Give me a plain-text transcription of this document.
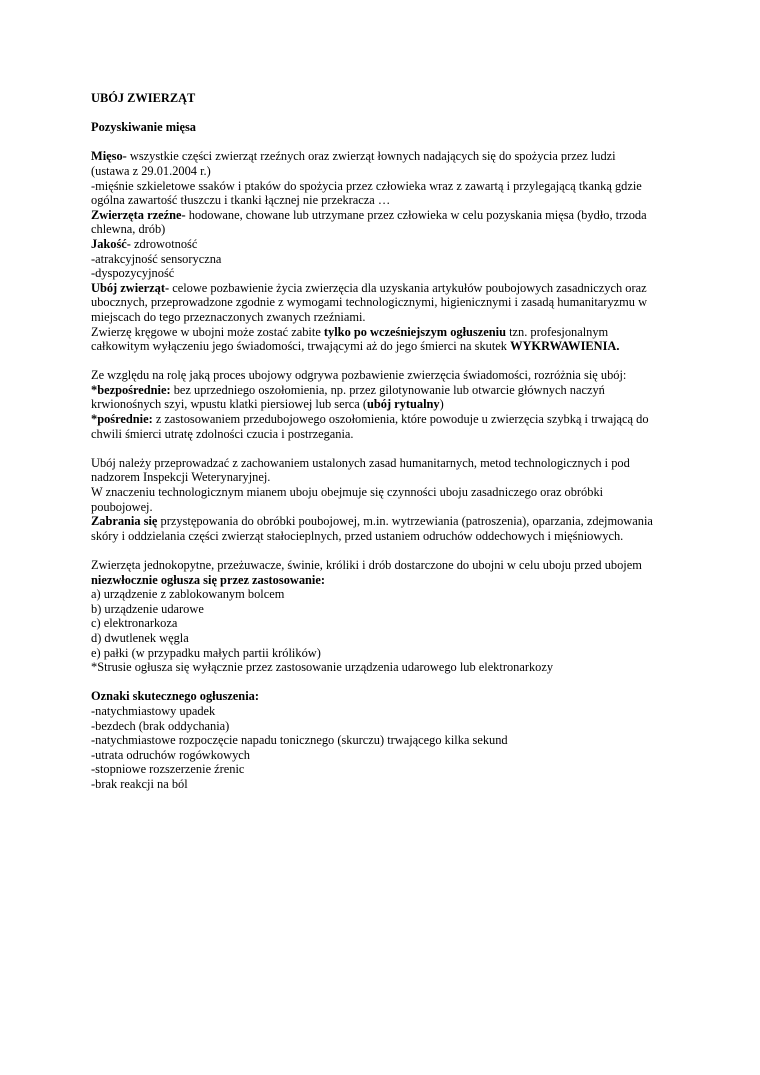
UBÓJ ZWIERZĄT
Pozyskiwanie mięsa
Mięso- wszystkie części zwierząt rzeźnych oraz zwierząt łownych nadających się do spożycia przez ludzi
(ustawa z 29.01.2004 r.)
-mięśnie szkieletowe ssaków i ptaków do spożycia przez człowieka wraz z zawartą i przylegającą tkanką gdzie
ogólna zawartość tłuszczu i tkanki łącznej nie przekracza …
Zwierzęta rzeźne- hodowane, chowane lub utrzymane przez człowieka w celu pozyskania mięsa (bydło, trzoda
chlewna, drób)
Jakość- zdrowotność
-atrakcyjność sensoryczna
-dyspozycyjność
Ubój zwierząt- celowe pozbawienie życia zwierzęcia dla uzyskania artykułów poubojowych zasadniczych oraz
ubocznych, przeprowadzone zgodnie z wymogami technologicznymi, higienicznymi i zasadą humanitaryzmu w
miejscach do tego przeznaczonych zwanych rzeźniami.
Zwierzę kręgowe w ubojni może zostać zabite tylko po wcześniejszym ogłuszeniu tzn. profesjonalnym
całkowitym wyłączeniu jego świadomości, trwającymi aż do jego śmierci na skutek WYKRWAWIENIA.
Ze względu na rolę jaką proces ubojowy odgrywa pozbawienie zwierzęcia świadomości, rozróżnia się ubój:
*bezpośrednie: bez uprzedniego oszołomienia, np. przez gilotynowanie lub otwarcie głównych naczyń
krwionośnych szyi, wpustu klatki piersiowej lub serca (ubój rytualny)
*pośrednie: z zastosowaniem przedubojowego oszołomienia, które powoduje u zwierzęcia szybką i trwającą do
chwili śmierci utratę zdolności czucia i postrzegania.
Ubój należy przeprowadzać z zachowaniem ustalonych zasad humanitarnych, metod technologicznych i pod
nadzorem Inspekcji Weterynaryjnej.
W znaczeniu technologicznym mianem uboju obejmuje się czynności uboju zasadniczego oraz obróbki
poubojowej.
Zabrania się przystępowania do obróbki poubojowej, m.in. wytrzewiania (patroszenia), oparzania, zdejmowania
skóry i oddzielania części zwierząt stałocieplnych, przed ustaniem odruchów oddechowych i mięśniowych.
Zwierzęta jednokopytne, przeżuwacze, świnie, króliki i drób dostarczone do ubojni w celu uboju przed ubojem
niezwłocznie ogłusza się przez zastosowanie:
a) urządzenie z zablokowanym bolcem
b) urządzenie udarowe
c) elektronarkoza
d) dwutlenek węgla
e) pałki (w przypadku małych partii królików)
*Strusie ogłusza się wyłącznie przez zastosowanie urządzenia udarowego lub elektronarkozy
Oznaki skutecznego ogłuszenia:
-natychmiastowy upadek
-bezdech (brak oddychania)
-natychmiastowe rozpoczęcie napadu tonicznego (skurczu) trwającego kilka sekund
-utrata odruchów rogówkowych
-stopniowe rozszerzenie źrenic
-brak reakcji na ból
